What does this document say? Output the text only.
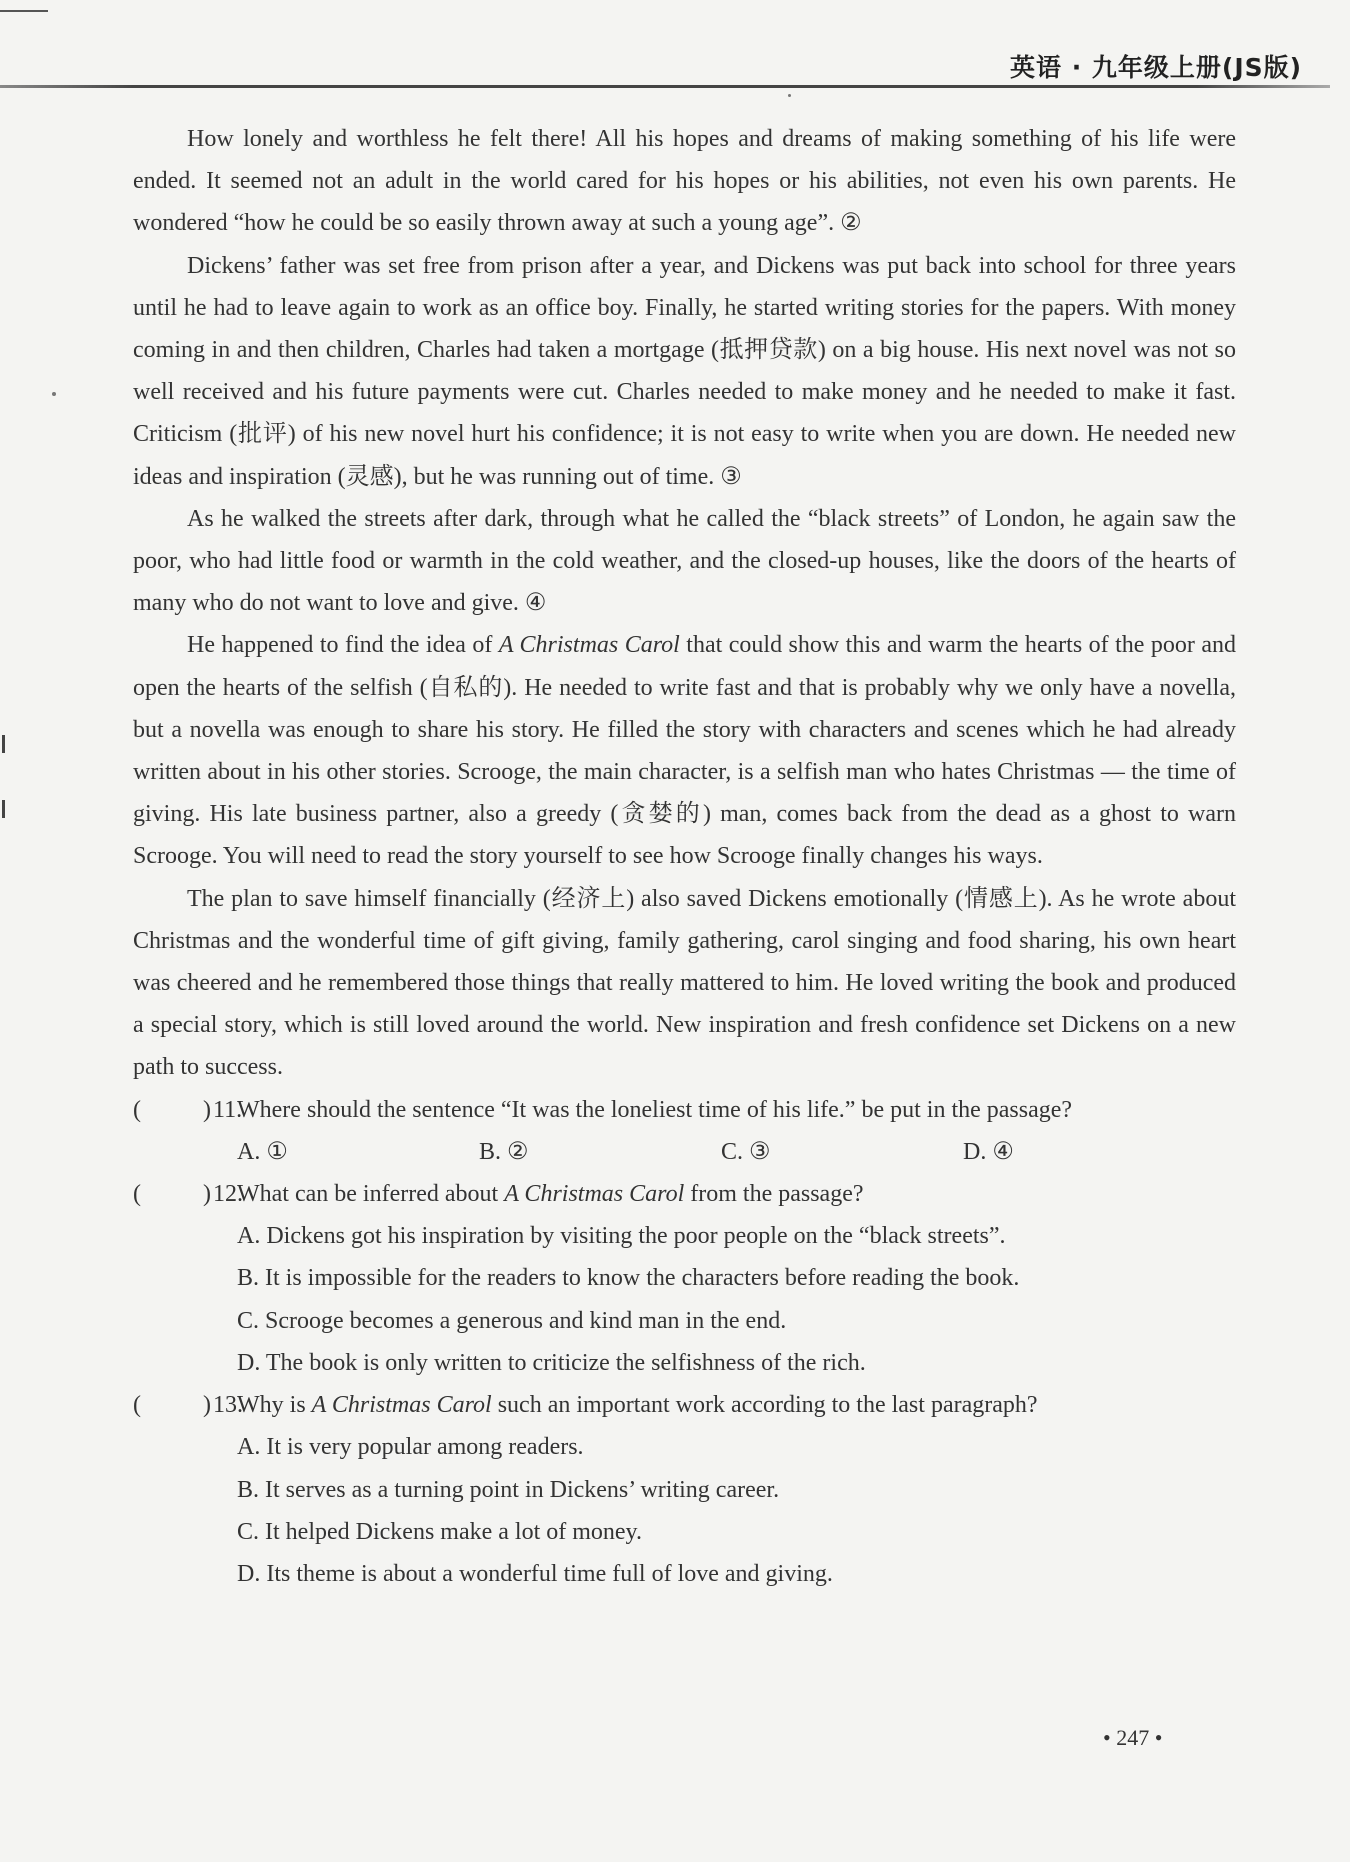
英语 · 九年级上册(JS版)

How lonely and worthless he felt there! All his hopes and dreams of making something of his life were ended. It seemed not an adult in the world cared for his hopes or his abilities, not even his own parents. He wondered “how he could be so easily thrown away at such a young age”. ②

Dickens’ father was set free from prison after a year, and Dickens was put back into school for three years until he had to leave again to work as an office boy. Finally, he started writing stories for the papers. With money coming in and then children, Charles had taken a mortgage (抵押贷款) on a big house. His next novel was not so well received and his future payments were cut. Charles needed to make money and he needed to make it fast. Criticism (批评) of his new novel hurt his confidence; it is not easy to write when you are down. He needed new ideas and inspiration (灵感), but he was running out of time. ③

As he walked the streets after dark, through what he called the “black streets” of London, he again saw the poor, who had little food or warmth in the cold weather, and the closed-up houses, like the doors of the hearts of many who do not want to love and give. ④

He happened to find the idea of A Christmas Carol that could show this and warm the hearts of the poor and open the hearts of the selfish (自私的). He needed to write fast and that is probably why we only have a novella, but a novella was enough to share his story. He filled the story with characters and scenes which he had already written about in his other stories. Scrooge, the main character, is a selfish man who hates Christmas — the time of giving. His late business partner, also a greedy (贪婪的) man, comes back from the dead as a ghost to warn Scrooge. You will need to read the story yourself to see how Scrooge finally changes his ways.

The plan to save himself financially (经济上) also saved Dickens emotionally (情感上). As he wrote about Christmas and the wonderful time of gift giving, family gathering, carol singing and food sharing, his own heart was cheered and he remembered those things that really mattered to him. He loved writing the book and produced a special story, which is still loved around the world. New inspiration and fresh confidence set Dickens on a new path to success.

(	) 11.

Where should the sentence “It was the loneliest time of his life.” be put in the passage?

A. ①	B. ②	C. ③	D. ④
(	) 12.

What can be inferred about A Christmas Carol from the passage?

A. Dickens got his inspiration by visiting the poor people on the “black streets”.

B. It is impossible for the readers to know the characters before reading the book.

C. Scrooge becomes a generous and kind man in the end.

D. The book is only written to criticize the selfishness of the rich.

(	) 13.

Why is A Christmas Carol such an important work according to the last paragraph?

A. It is very popular among readers.

B. It serves as a turning point in Dickens’ writing career.

C. It helped Dickens make a lot of money.

D. Its theme is about a wonderful time full of love and giving.

• 247 •
